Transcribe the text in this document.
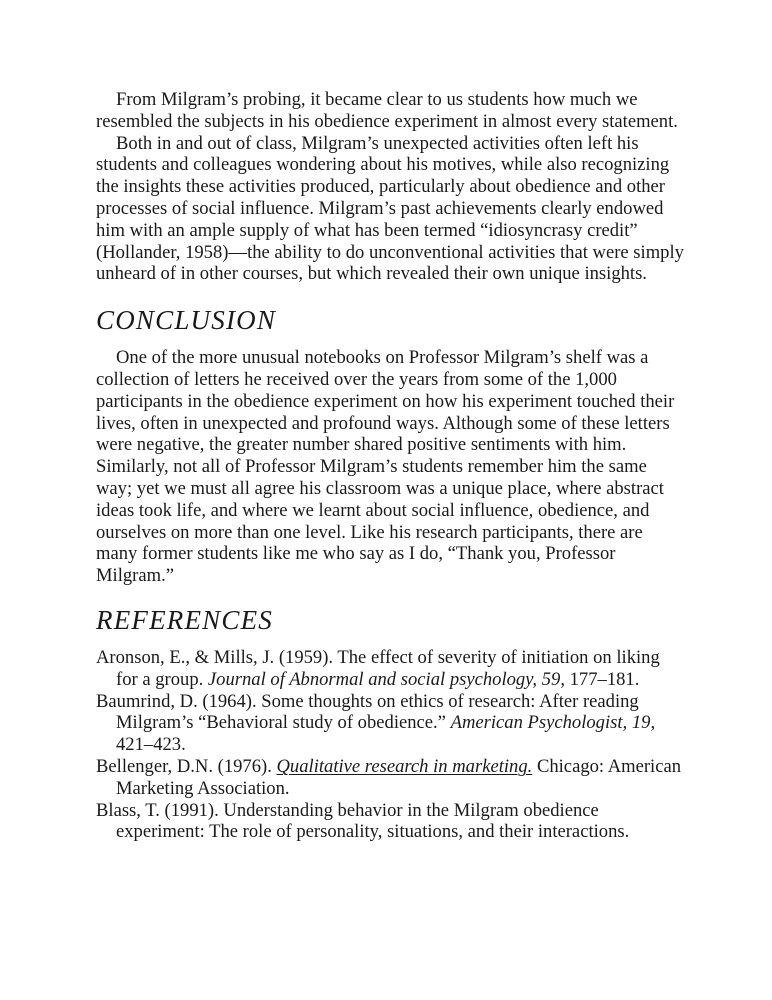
From Milgram’s probing, it became clear to us students how much we resembled the subjects in his obedience experiment in almost every statement.

Both in and out of class, Milgram’s unexpected activities often left his students and colleagues wondering about his motives, while also recognizing the insights these activities produced, particularly about obedience and other processes of social influence. Milgram’s past achievements clearly endowed him with an ample supply of what has been termed “idiosyncrasy credit” (Hollander, 1958)—the ability to do unconventional activities that were simply unheard of in other courses, but which revealed their own unique insights.

CONCLUSION

One of the more unusual notebooks on Professor Milgram’s shelf was a collection of letters he received over the years from some of the 1,000 participants in the obedience experiment on how his experiment touched their lives, often in unexpected and profound ways. Although some of these letters were negative, the greater number shared positive sentiments with him. Similarly, not all of Professor Milgram’s students remember him the same way; yet we must all agree his classroom was a unique place, where abstract ideas took life, and where we learnt about social influence, obedience, and ourselves on more than one level. Like his research participants, there are many former students like me who say as I do, “Thank you, Professor Milgram.”

REFERENCES
Aronson, E., & Mills, J. (1959). The effect of severity of initiation on liking for a group. Journal of Abnormal and social psychology, 59, 177–181.
Baumrind, D. (1964). Some thoughts on ethics of research: After reading Milgram’s “Behavioral study of obedience.” American Psychologist, 19, 421–423.
Bellenger, D.N. (1976). Qualitative research in marketing. Chicago: American Marketing Association.
Blass, T. (1991). Understanding behavior in the Milgram obedience experiment: The role of personality, situations, and their interactions.
